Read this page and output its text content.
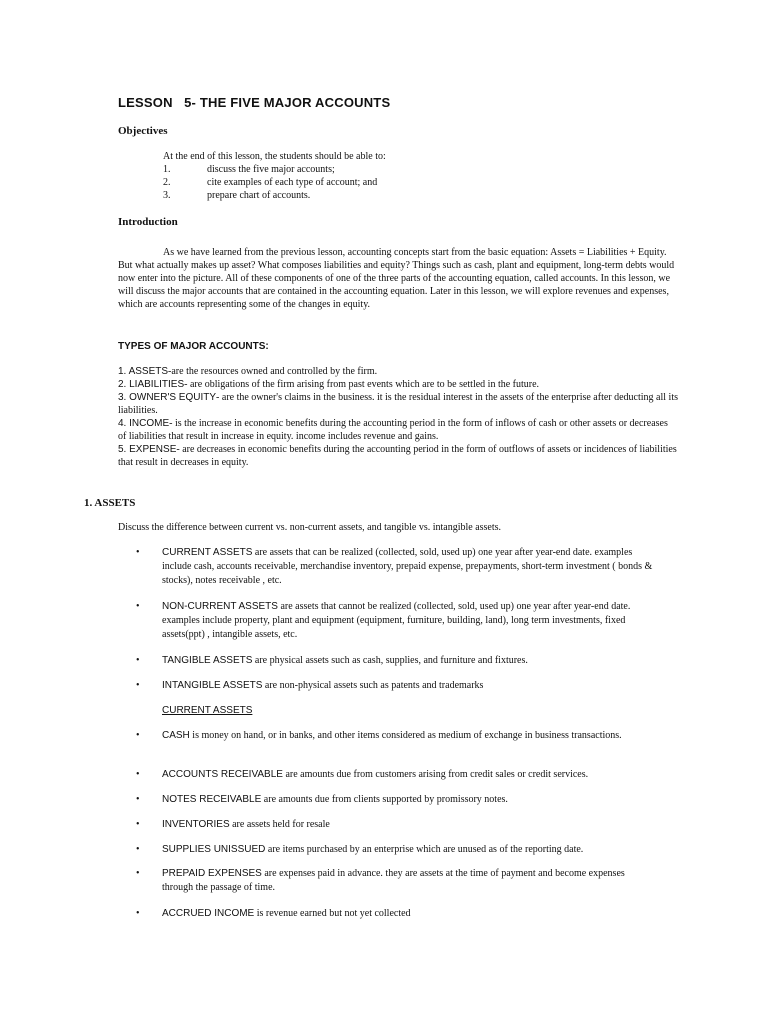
LESSON   5- THE FIVE MAJOR ACCOUNTS
Objectives
At the end of this lesson, the students should be able to:
1.	discuss the five major accounts;
2.	cite examples of each type of account; and
3.	prepare chart of accounts.
Introduction
As we have learned from the previous lesson, accounting concepts start from the basic equation: Assets = Liabilities + Equity. But what actually makes up asset? What composes liabilities and equity? Things such as cash, plant and equipment, long-term debts would now enter into the picture. All of these components of one of the three parts of the accounting equation, called accounts. In this lesson, we will discuss the major accounts that are contained in the accounting equation. Later in this lesson, we will explore revenues and expenses, which are accounts representing some of the changes in equity.
TYPES OF MAJOR ACCOUNTS:
1. ASSETS-are the resources owned and controlled by the firm.
2. LIABILITIES- are obligations of the firm arising from past events which are to be settled in the future.
3. OWNER'S EQUITY- are the owner's claims in the business. it is the residual interest in the assets of the enterprise after deducting all its liabilities.
4. INCOME- is the increase in economic benefits during the accounting period in the form of inflows of cash or other assets or decreases of liabilities that result in increase in equity. income includes revenue and gains.
5. EXPENSE- are decreases in economic benefits during the accounting period in the form of outflows of assets or incidences of liabilities that result in decreases in equity.
1. ASSETS
Discuss the difference between current vs. non-current assets, and tangible vs. intangible assets.
• CURRENT ASSETS are assets that can be realized (collected, sold, used up) one year after year-end date. examples include cash, accounts receivable, merchandise inventory, prepaid expense, prepayments, short-term investment ( bonds & stocks), notes receivable , etc.
• NON-CURRENT ASSETS are assets that cannot be realized (collected, sold, used up) one year after year-end date. examples include property, plant and equipment (equipment, furniture, building, land), long term investments, fixed assets(ppt) , intangible assets, etc.
• TANGIBLE ASSETS are physical assets such as cash, supplies, and furniture and fixtures.
• INTANGIBLE ASSETS are non-physical assets such as patents and trademarks
CURRENT ASSETS
• CASH is money on hand, or in banks, and other items considered as medium of exchange in business transactions.
• ACCOUNTS RECEIVABLE are amounts due from customers arising from credit sales or credit services.
• NOTES RECEIVABLE are amounts due from clients supported by promissory notes.
• INVENTORIES are assets held for resale
• SUPPLIES UNISSUED are items purchased by an enterprise which are unused as of the reporting date.
• PREPAID EXPENSES are expenses paid in advance. they are assets at the time of payment and become expenses through the passage of time.
• ACCRUED INCOME is revenue earned but not yet collected
